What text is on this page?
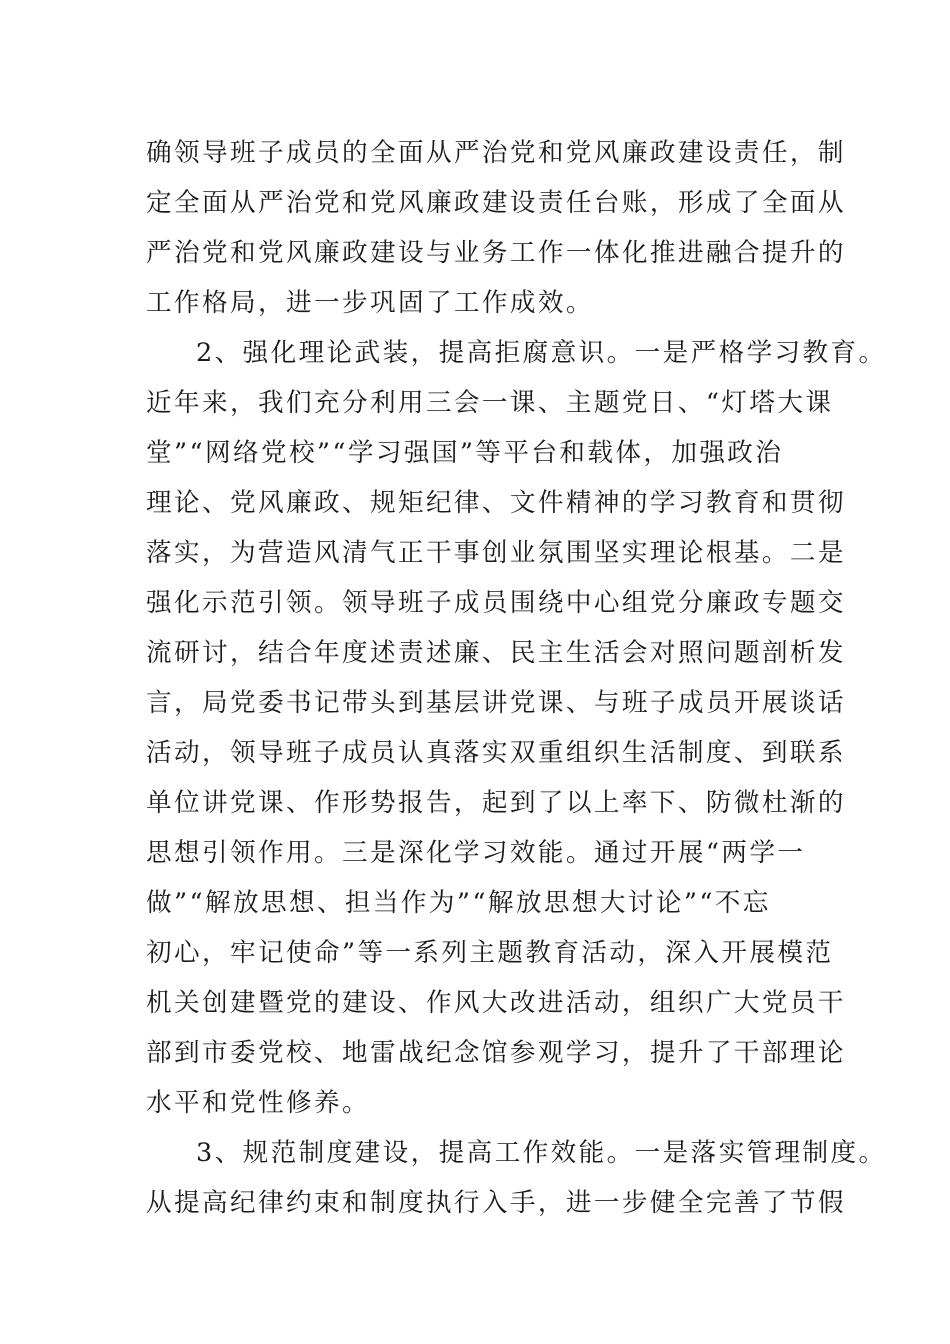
确领导班子成员的全面从严治党和党风廉政建设责任，制
定全面从严治党和党风廉政建设责任台账，形成了全面从
严治党和党风廉政建设与业务工作一体化推进融合提升的
工作格局，进一步巩固了工作成效。
2、强化理论武装，提高拒腐意识。一是严格学习教育。
近年来，我们充分利用三会一课、主题党日、“灯塔大课
堂”“网络党校”“学习强国”等平台和载体，加强政治
理论、党风廉政、规矩纪律、文件精神的学习教育和贯彻
落实，为营造风清气正干事创业氛围坚实理论根基。二是
强化示范引领。领导班子成员围绕中心组党分廉政专题交
流研讨，结合年度述责述廉、民主生活会对照问题剖析发
言，局党委书记带头到基层讲党课、与班子成员开展谈话
活动，领导班子成员认真落实双重组织生活制度、到联系
单位讲党课、作形势报告，起到了以上率下、防微杜渐的
思想引领作用。三是深化学习效能。通过开展“两学一
做”“解放思想、担当作为”“解放思想大讨论”“不忘
初心，牢记使命”等一系列主题教育活动，深入开展模范
机关创建暨党的建设、作风大改进活动，组织广大党员干
部到市委党校、地雷战纪念馆参观学习，提升了干部理论
水平和党性修养。
3、规范制度建设，提高工作效能。一是落实管理制度。
从提高纪律约束和制度执行入手，进一步健全完善了节假
